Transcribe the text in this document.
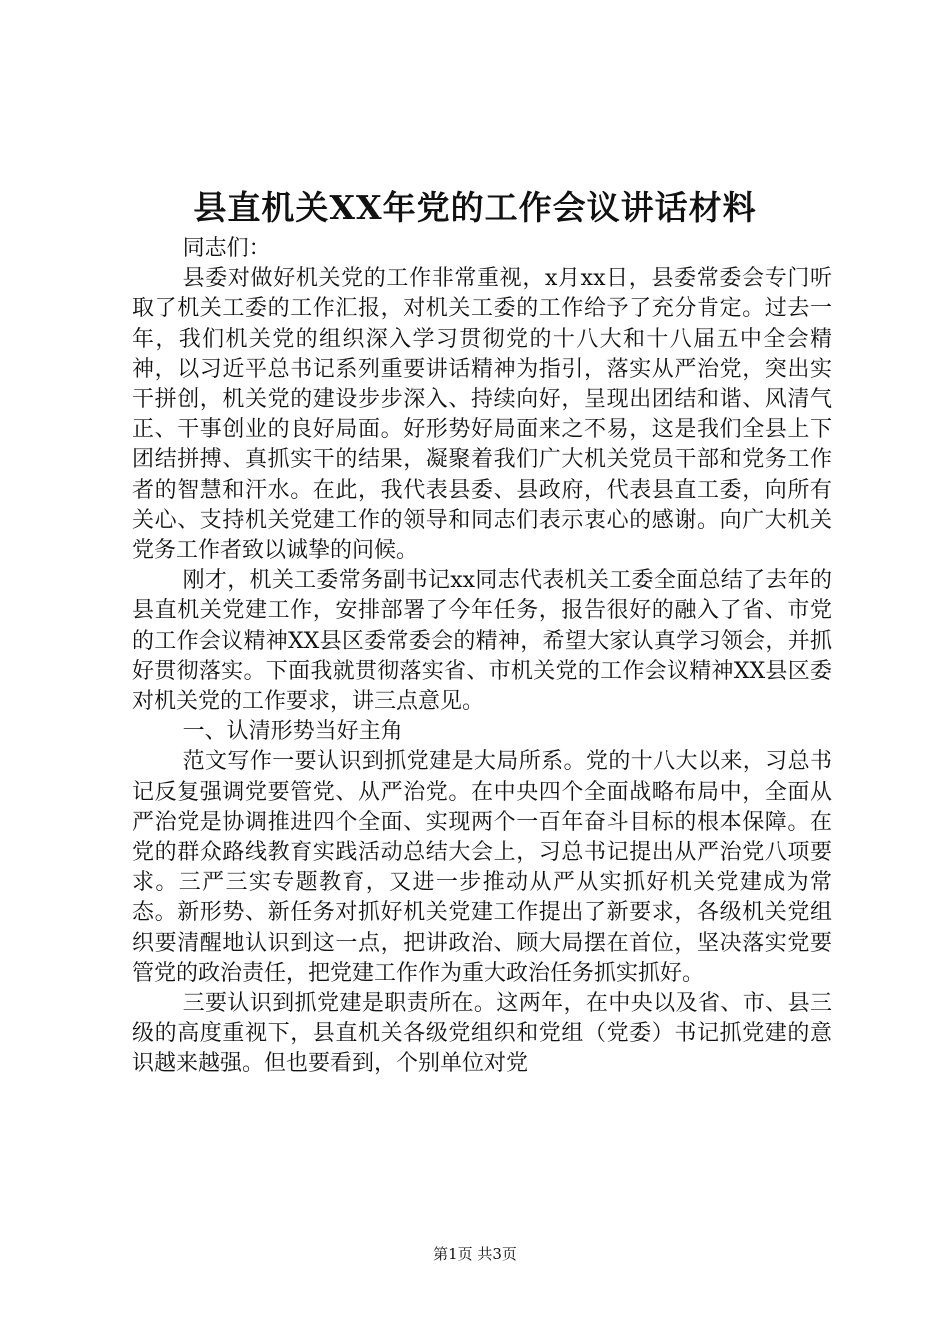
县直机关XX年党的工作会议讲话材料

同志们：

县委对做好机关党的工作非常重视，x月xx日，县委常委会专门听取了机关工委的工作汇报，对机关工委的工作给予了充分肯定。过去一年，我们机关党的组织深入学习贯彻党的十八大和十八届五中全会精神，以习近平总书记系列重要讲话精神为指引，落实从严治党，突出实干拼创，机关党的建设步步深入、持续向好，呈现出团结和谐、风清气正、干事创业的良好局面。好形势好局面来之不易，这是我们全县上下团结拼搏、真抓实干的结果，凝聚着我们广大机关党员干部和党务工作者的智慧和汗水。在此，我代表县委、县政府，代表县直工委，向所有关心、支持机关党建工作的领导和同志们表示衷心的感谢。向广大机关党务工作者致以诚挚的问候。

刚才，机关工委常务副书记xx同志代表机关工委全面总结了去年的县直机关党建工作，安排部署了今年任务，报告很好的融入了省、市党的工作会议精神XX县区委常委会的精神，希望大家认真学习领会，并抓好贯彻落实。下面我就贯彻落实省、市机关党的工作会议精神XX县区委对机关党的工作要求，讲三点意见。

一、认清形势当好主角

范文写作一要认识到抓党建是大局所系。党的十八大以来，习总书记反复强调党要管党、从严治党。在中央四个全面战略布局中，全面从严治党是协调推进四个全面、实现两个一百年奋斗目标的根本保障。在党的群众路线教育实践活动总结大会上，习总书记提出从严治党八项要求。三严三实专题教育，又进一步推动从严从实抓好机关党建成为常态。新形势、新任务对抓好机关党建工作提出了新要求，各级机关党组织要清醒地认识到这一点，把讲政治、顾大局摆在首位，坚决落实党要管党的政治责任，把党建工作作为重大政治任务抓实抓好。

三要认识到抓党建是职责所在。这两年，在中央以及省、市、县三级的高度重视下，县直机关各级党组织和党组（党委）书记抓党建的意识越来越强。但也要看到，个别单位对党

第1页 共3页
